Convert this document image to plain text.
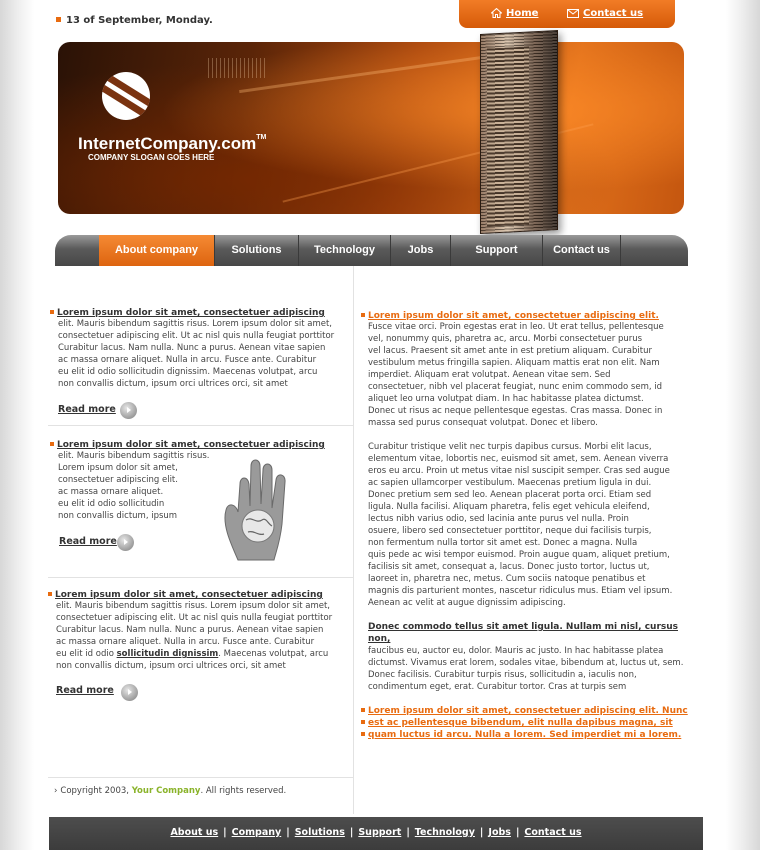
13 of September, Monday.
Home	Contact us
InternetCompany.com™
COMPANY SLOGAN GOES HERE
About company	Solutions	Technology	Jobs	Support	Contact us
Lorem ipsum dolor sit amet, consectetuer adipiscing
elit. Mauris bibendum sagittis risus. Lorem ipsum dolor sit amet,
consectetuer adipiscing elit. Ut ac nisl quis nulla feugiat porttitor
Curabitur lacus. Nam nulla. Nunc a purus. Aenean vitae sapien
ac massa ornare aliquet. Nulla in arcu. Fusce ante. Curabitur
eu elit id odio sollicitudin dignissim. Maecenas volutpat, arcu
non convallis dictum, ipsum orci ultrices orci, sit amet
Read more
Lorem ipsum dolor sit amet, consectetuer adipiscing
elit. Mauris bibendum sagittis risus.
Lorem ipsum dolor sit amet,
consectetuer adipiscing elit.
ac massa ornare aliquet.
eu elit id odio sollicitudin
non convallis dictum, ipsum
Read more
Lorem ipsum dolor sit amet, consectetuer adipiscing
elit. Mauris bibendum sagittis risus. Lorem ipsum dolor sit amet,
consectetuer adipiscing elit. Ut ac nisl quis nulla feugiat porttitor
Curabitur lacus. Nam nulla. Nunc a purus. Aenean vitae sapien
ac massa ornare aliquet. Nulla in arcu. Fusce ante. Curabitur
eu elit id odio sollicitudin dignissim. Maecenas volutpat, arcu
non convallis dictum, ipsum orci ultrices orci, sit amet
Read more
› Copyright 2003, Your Company. All rights reserved.
Lorem ipsum dolor sit amet, consectetuer adipiscing elit.
Fusce vitae orci. Proin egestas erat in leo. Ut erat tellus, pellentesque
vel, nonummy quis, pharetra ac, arcu. Morbi consectetuer purus
vel lacus. Praesent sit amet ante in est pretium aliquam. Curabitur
vestibulum metus fringilla sapien. Aliquam mattis erat non elit. Nam
imperdiet. Aliquam erat volutpat. Aenean vitae sem. Sed
consectetuer, nibh vel placerat feugiat, nunc enim commodo sem, id
aliquet leo urna volutpat diam. In hac habitasse platea dictumst.
Donec ut risus ac neque pellentesque egestas. Cras massa. Donec in
massa sed purus consequat volutpat. Donec et libero.
Curabitur tristique velit nec turpis dapibus cursus. Morbi elit lacus,
elementum vitae, lobortis nec, euismod sit amet, sem. Aenean viverra
eros eu arcu. Proin ut metus vitae nisl suscipit semper. Cras sed augue
ac sapien ullamcorper vestibulum. Maecenas pretium ligula in dui.
Donec pretium sem sed leo. Aenean placerat porta orci. Etiam sed
ligula. Nulla facilisi. Aliquam pharetra, felis eget vehicula eleifend,
lectus nibh varius odio, sed lacinia ante purus vel nulla. Proin
osuere, libero sed consectetuer porttitor, neque dui facilisis turpis,
non fermentum nulla tortor sit amet est. Donec a magna. Nulla
quis pede ac wisi tempor euismod. Proin augue quam, aliquet pretium,
facilisis sit amet, consequat a, lacus. Donec justo tortor, luctus ut,
laoreet in, pharetra nec, metus. Cum sociis natoque penatibus et
magnis dis parturient montes, nascetur ridiculus mus. Etiam vel ipsum.
Aenean ac velit at augue dignissim adipiscing.
Donec commodo tellus sit amet ligula. Nullam mi nisl, cursus non,
faucibus eu, auctor eu, dolor. Mauris ac justo. In hac habitasse platea
dictumst. Vivamus erat lorem, sodales vitae, bibendum at, luctus ut, sem.
Donec facilisis. Curabitur turpis risus, sollicitudin a, iaculis non,
condimentum eget, erat. Curabitur tortor. Cras at turpis sem
Lorem ipsum dolor sit amet, consectetuer adipiscing elit. Nunc
est ac pellentesque bibendum, elit nulla dapibus magna, sit
quam luctus id arcu. Nulla a lorem. Sed imperdiet mi a lorem.
About us | Company | Solutions | Support | Technology | Jobs | Contact us
